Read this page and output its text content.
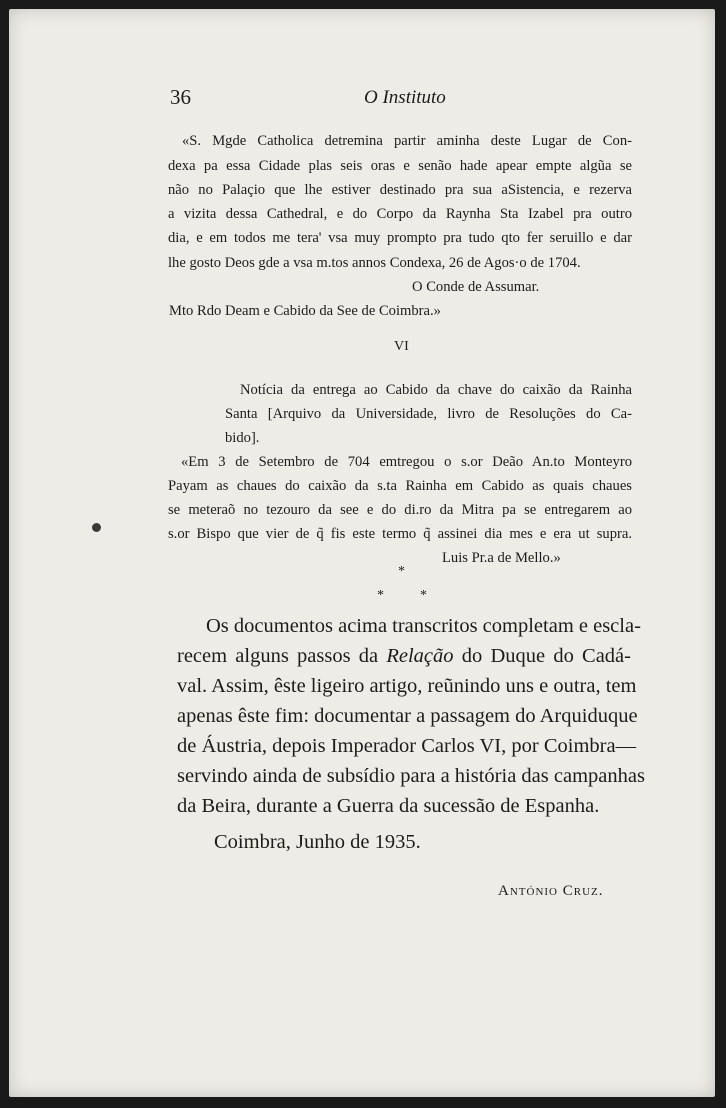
36	O Instituto

«S. Mgde Catholica detremina partir aminha deste Lugar de Con-

dexa pa essa Cidade plas seis oras e senão hade apear empte algũa se

não no Palaçio que lhe estiver destinado pra sua aSistencia, e rezerva

a vizita dessa Cathedral, e do Corpo da Raynha Sta Izabel pra outro

dia, e em todos me tera' vsa muy prompto pra tudo qto fer seruillo e dar

lhe gosto Deos gde a vsa m.tos annos Condexa, 26 de Agos·o de 1704.

O Conde de Assumar.

Mto Rdo Deam e Cabido da See de Coimbra.»

VI

Notícia da entrega ao Cabido da chave do caixão da Rainha

Santa [Arquivo da Universidade, livro de Resoluções do Ca-

bido].

«Em 3 de Setembro de 704 emtregou o s.or Deão An.to Monteyro

Payam as chaues do caixão da s.ta Rainha em Cabido as quais chaues

se meteraõ no tezouro da see e do di.ro da Mitra pa se entregarem ao

s.or Bispo que vier de q̃ fis este termo q̃ assinei dia mes e era ut supra.

Luis Pr.a de Mello.»

*
*	*

Os documentos acima transcritos completam e escla-

recem alguns passos da Relação do Duque do Cadá-

val. Assim, êste ligeiro artigo, reũnindo uns e outra, tem

apenas êste fim: documentar a passagem do Arquiduque

de Áustria, depois Imperador Carlos VI, por Coimbra—

servindo ainda de subsídio para a história das campanhas

da Beira, durante a Guerra da sucessão de Espanha.

Coimbra, Junho de 1935.
António Cruz.
